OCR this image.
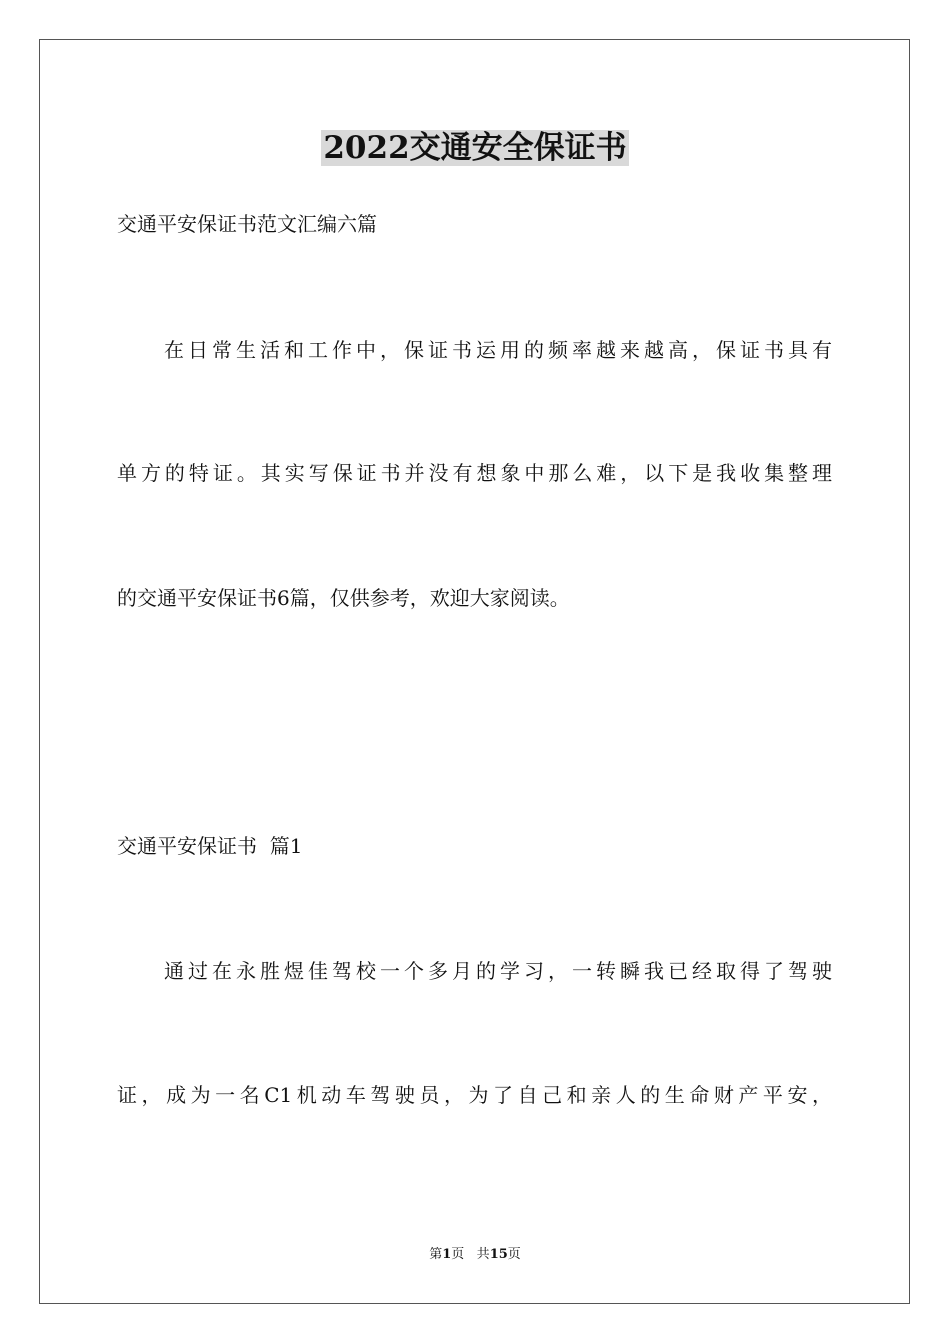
2022交通安全保证书

交通平安保证书范文汇编六篇

在日常生活和工作中，保证书运用的频率越来越高，保证书具有

单方的特证。其实写保证书并没有想象中那么难，以下是我收集整理

的交通平安保证书6篇，仅供参考，欢迎大家阅读。

交通平安保证书  篇1

通过在永胜煜佳驾校一个多月的学习，一转瞬我已经取得了驾驶

证，成为一名C1机动车驾驶员，为了自己和亲人的生命财产平安，

第1页 共15页
